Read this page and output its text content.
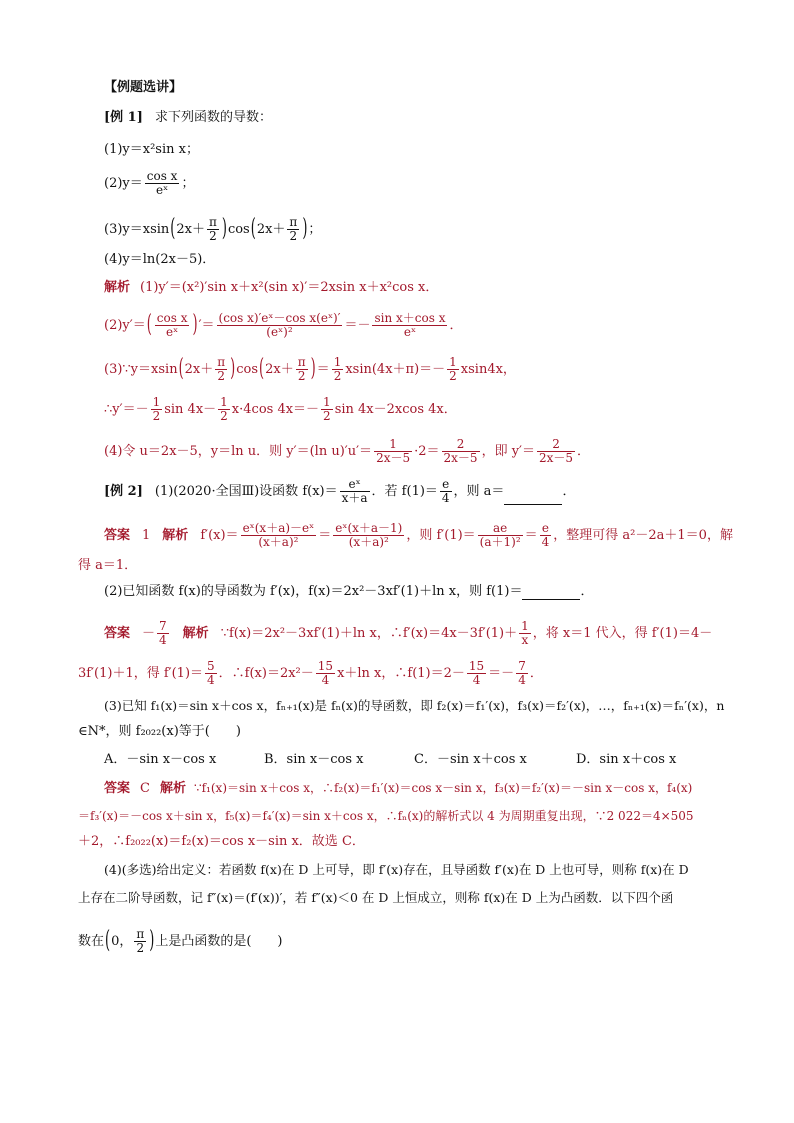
【例题选讲】
[例 1] 求下列函数的导数：
(1)y＝x²sin x；
$(2)y= \frac{\text{cos x}}{\text{eˣ}}$ ；
$(3)y=xsin(2x+ \frac{\pi}{2} )\cos(2x+ \frac{\pi}{2}$ )；
(4)y＝ln(2x－5)．
解析 (1)y′＝(x²)′sin x＋x²(sin x)′＝2xsin x＋x²cos x．
$(2)y'=( \frac{\text{cos x}}{\text{eˣ}}$ )′＝ $\frac{\text{(cos x)′eˣ－cos x(eˣ)′}}{\text{(eˣ)²}} =- \frac{\text{sin x＋cos x}}{\text{eˣ}}$ ．
(3)∵y＝xsin(2x＋ $\frac{\pi}{2} )\cos(2x+ \frac{\pi}{2}$ )＝ $\frac{1}{2} xsin(4x+\pi)=- \frac{1}{2} xsin4x$，
∴y′＝－ $\frac{1}{2}$ $\sin 4x- \frac{1}{2} x\cdot 4\cos$ $4x=- \frac{1}{2}$ sin 4x－2xcos 4x．
(4)令 u＝2x－5，y＝ln u．则 y′＝(ln $u)'u'= \frac{1}{2x-5} \cdot 2= \frac{2}{2x-5}$ ，即 $y'= \frac{2}{2x-5}$ ．
[例 2] (1)(2020·全国Ⅲ)设函数 $f(x)= \frac{\text{eˣ}}{x+a}$ ．若 $f(1)= \frac{e}{4}$ ，则 a＝	．
答案 1 解析 $f'(x)= \frac{\text{eˣ(x＋a)－eˣ}}{\text{(x＋a)²}} = \frac{\text{eˣ(x＋a－1)}}{\text{(x＋a)²}}$ ，则 $f'(1)= \frac{ae}{\text{(a＋1)²}} = \frac{e}{4}$ ，整理可得 a²－2a＋1＝0，解
得 a＝1．
(2)已知函数 f(x)的导函数为 f′(x)，f(x)＝2x²－3xf′(1)＋ln x，则 f(1)＝	．
答案 － $\frac{7}{4}$ 解析 ∵f(x)＝2x²－3xf′(1)＋ln x，∴f′(x)＝4x－3f′(1)＋ $\frac{1}{x}$ ，将 x＝1 代入，得 f′(1)＝4－
3f′(1)＋1，得 $f'(1)= \frac{5}{4}$ ．∴f(x)＝2x²－ $\frac{15}{4} x+\ln$ x，∴f(1)＝2－ $\frac{15}{4} =- \frac{7}{4}$ ．
(3)已知 f₁(x)＝sin x＋cos x，fₙ₊₁(x)是 fₙ(x)的导函数，即 f₂(x)＝f₁′(x)，f₃(x)＝f₂′(x)，…，fₙ₊₁(x)＝fₙ′(x)，n
∈N*，则 f₂₀₂₂(x)等于(　　)
A．－sin x－cos x	B．sin x－cos x	C．－sin x＋cos x	D．sin x＋cos x
答案 C 解析 ∵f₁(x)＝sin x＋cos x，∴f₂(x)＝f₁′(x)＝cos x－sin x，f₃(x)＝f₂′(x)＝－sin x－cos x，f₄(x)
＝f₃′(x)＝－cos x＋sin x，f₅(x)＝f₄′(x)＝sin x＋cos x，∴fₙ(x)的解析式以 4 为周期重复出现，∵2 022＝4×505
＋2，∴f₂₀₂₂(x)＝f₂(x)＝cos x－sin x．故选 C．
(4)(多选)给出定义：若函数 f(x)在 D 上可导，即 f′(x)存在，且导函数 f′(x)在 D 上也可导，则称 f(x)在 D
上存在二阶导函数，记 f″(x)＝(f′(x))′，若 f″(x)＜0 在 D 上恒成立，则称 f(x)在 D 上为凸函数．以下四个函
数在(0， $\frac{\pi}{2}$ )上是凸函数的是(　　)
